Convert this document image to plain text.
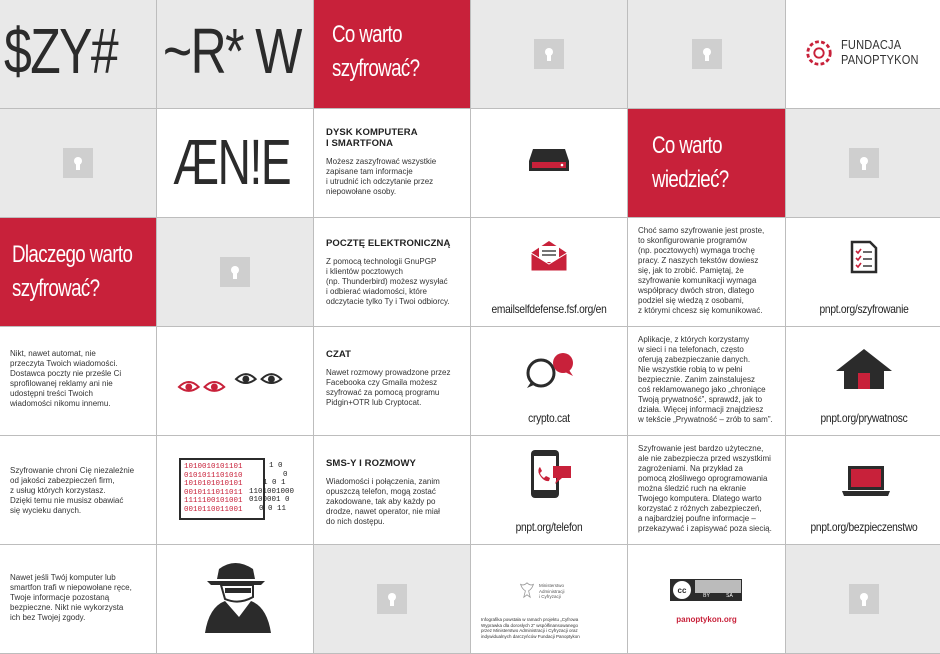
$ZY# ~R* W Co warto
szyfrować?
FUNDACJA
PANOPTYKON
ÆN!E	DYSK KOMPUTERA
I SMARTFONA
Możesz zaszyfrować wszystkie
zapisane tam informacje
i utrudnić ich odczytanie przez
niepowołane osoby.
Co warto
wiedzieć?
Dlaczego warto
szyfrować?
POCZTĘ ELEKTRONICZNĄ
Z pomocą technologii GnuPGP
i klientów pocztowych
(np. Thunderbird) możesz wysyłać
i odbierać wiadomości, które
odczytacie tylko Ty i Twoi odbiorcy.
emailselfdefense.fsf.org/en
Choć samo szyfrowanie jest proste,
to skonfigurowanie programów
(np. pocztowych) wymaga trochę
pracy. Z naszych tekstów dowiesz
się, jak to zrobić. Pamiętaj, że
szyfrowanie komunikacji wymaga
współpracy dwóch stron, dlatego
podziel się wiedzą z osobami,
z którymi chcesz się komunikować.	pnpt.org/szyfrowanie
Nikt, nawet automat, nie
przeczyta Twoich wiadomości.
Dostawca poczty nie prześle Ci
sprofilowanej reklamy ani nie
udostępni treści Twoich
wiadomości nikomu innemu.
CZAT
Nawet rozmowy prowadzone przez
Facebooka czy Gmaila możesz
szyfrować za pomocą programu
Pidgin+OTR lub Cryptocat.
crypto.cat
Aplikacje, z których korzystamy
w sieci i na telefonach, często
oferują zabezpieczanie danych.
Nie wszystkie robią to w pełni
bezpiecznie. Zanim zainstalujesz
coś reklamowanego jako „chroniące
Twoją prywatność”, sprawdź, jak to
działa. Więcej informacji znajdziesz
w tekście „Prywatność – zrób to sam”.	pnpt.org/prywatnosc
Szyfrowanie chroni Cię niezależnie
od jakości zabezpieczeń firm,
z usług których korzystasz.
Dzięki temu nie musisz obawiać
się wycieku danych.
1010010101101
0101011101010
1010101010101
0010111011011
1111100101001
0010110011001
1 0
0
1 0 1
1101001000
0100001 0
0 0 11
SMS-Y I ROZMOWY
Wiadomości i połączenia, zanim
opuszczą telefon, mogą zostać
zakodowane, tak aby każdy po
drodze, nawet operator, nie miał
do nich dostępu.	pnpt.org/telefon
Szyfrowanie jest bardzo użyteczne,
ale nie zabezpiecza przed wszystkimi
zagrożeniami. Na przykład za
pomocą złośliwego oprogramowania
można śledzić ruch na ekranie
Twojego komputera. Dlatego warto
korzystać z różnych zabezpieczeń,
a najbardziej poufne informacje –
przekazywać i zapisywać poza siecią.	pnpt.org/bezpieczenstwo
Nawet jeśli Twój komputer lub
smartfon trafi w niepowołane ręce,
Twoje informacje pozostaną
bezpieczne. Nikt nie wykorzysta
ich bez Twojej zgody.
Ministerstwo
Administracji
i Cyfryzacji
Infografika powstała w ramach projektu „Cyfrowa
Wyprawka dla dorosłych 2” współfinansowanego
przez Ministerstwo Administracji i Cyfryzacji oraz
indywidualnych darczyńców Fundacji Panoptykon
cc
BY	SA
panoptykon.org
